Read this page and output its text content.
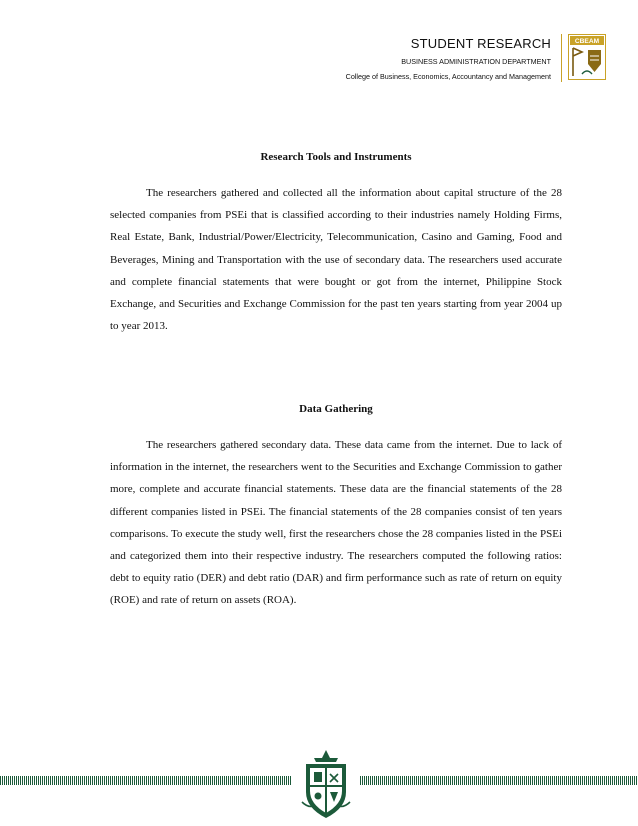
STUDENT RESEARCH
BUSINESS ADMINISTRATION DEPARTMENT
College of Business, Economics, Accountancy and Management
CBEAM
Research Tools and Instruments

The researchers gathered and collected all the information about capital structure of the 28 selected companies from PSEi that is classified according to their industries namely Holding Firms, Real Estate, Bank, Industrial/Power/Electricity, Telecommunication, Casino and Gaming, Food and Beverages, Mining and Transportation with the use of secondary data. The researchers used accurate and complete financial statements that were bought or got from the internet, Philippine Stock Exchange, and Securities and Exchange Commission for the past ten years starting from year 2004 up to year 2013.

Data Gathering

The researchers gathered secondary data. These data came from the internet. Due to lack of information in the internet, the researchers went to the Securities and Exchange Commission to gather more, complete and accurate financial statements. These data are the financial statements of the 28 different companies listed in PSEi. The financial statements of the 28 companies consist of ten years comparisons. To execute the study well, first the researchers chose the 28 companies listed in the PSEi and categorized them into their respective industry. The researchers computed the following ratios: debt to equity ratio (DER) and debt ratio (DAR) and firm performance such as rate of return on equity (ROE) and rate of return on assets (ROA).
